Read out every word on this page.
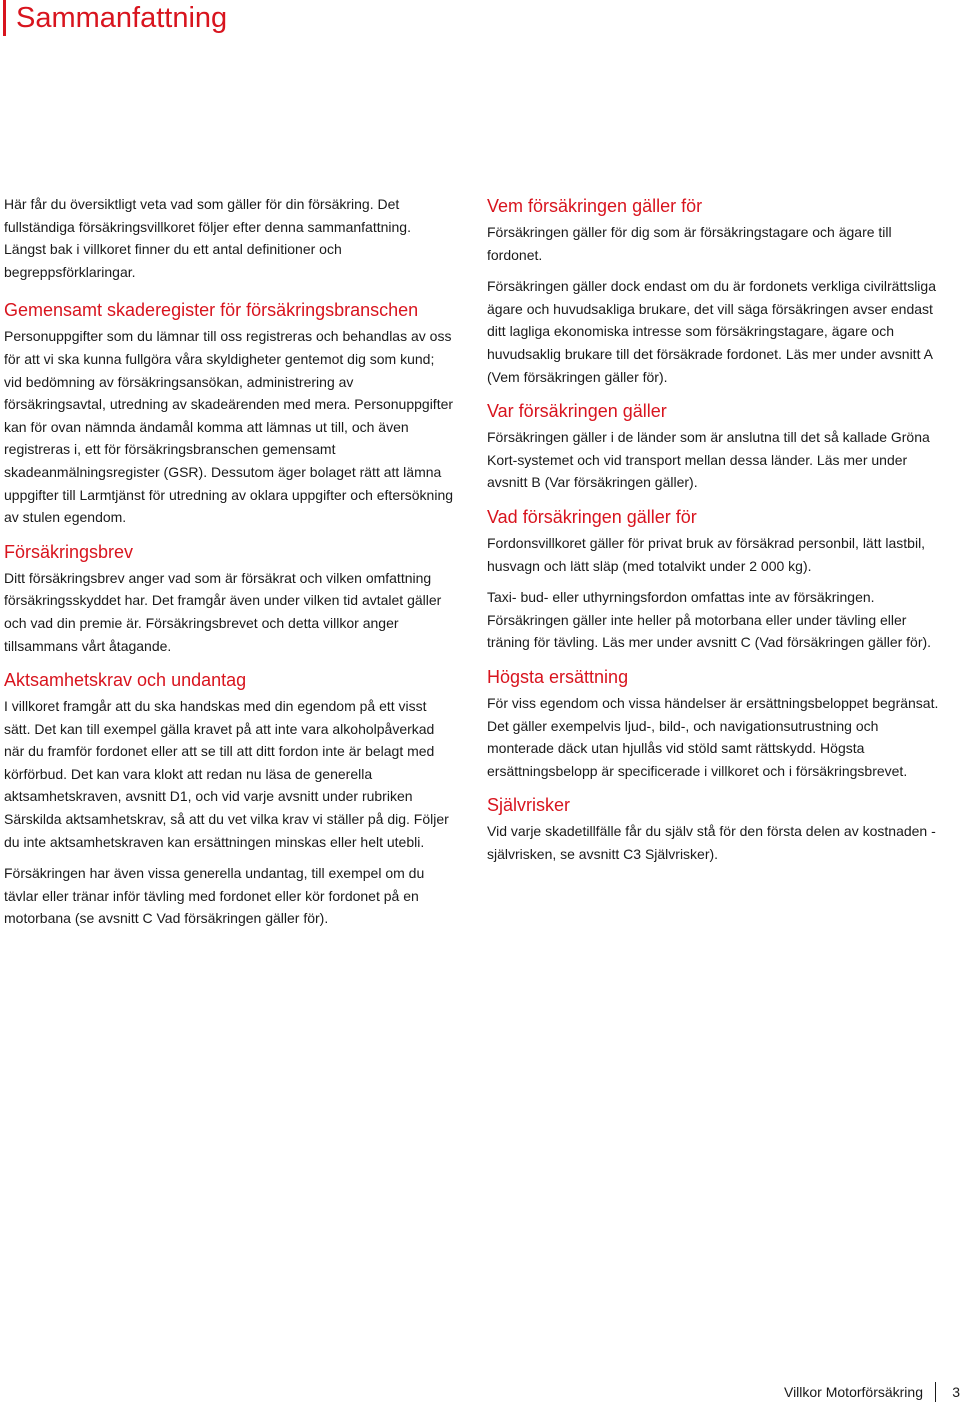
Sammanfattning

Här får du översiktligt veta vad som gäller för din försäkring. Det fullständiga försäkringsvillkoret följer efter denna sammanfattning. Längst bak i villkoret finner du ett antal definitioner och begreppsförklaringar.

Gemensamt skaderegister för försäkringsbranschen

Personuppgifter som du lämnar till oss registreras och behandlas av oss för att vi ska kunna fullgöra våra skyldigheter gentemot dig som kund; vid bedömning av försäkringsansökan, administrering av försäkringsavtal, utredning av skadeärenden med mera. Personuppgifter kan för ovan nämnda ändamål komma att lämnas ut till, och även registreras i, ett för försäkringsbranschen gemensamt skadeanmälningsregister (GSR). Dessutom äger bolaget rätt att lämna uppgifter till Larmtjänst för utredning av oklara uppgifter och eftersökning av stulen egendom.

Försäkringsbrev

Ditt försäkringsbrev anger vad som är försäkrat och vilken omfattning försäkringsskyddet har. Det framgår även under vilken tid avtalet gäller och vad din premie är. Försäkringsbrevet och detta villkor anger tillsammans vårt åtagande.

Aktsamhetskrav och undantag

I villkoret framgår att du ska handskas med din egendom på ett visst sätt. Det kan till exempel gälla kravet på att inte vara alkoholpåverkad när du framför fordonet eller att se till att ditt fordon inte är belagt med körförbud. Det kan vara klokt att redan nu läsa de generella aktsamhetskraven, avsnitt D1, och vid varje avsnitt under rubriken Särskilda aktsamhetskrav, så att du vet vilka krav vi ställer på dig. Följer du inte aktsamhetskraven kan ersättningen minskas eller helt utebli.

Försäkringen har även vissa generella undantag, till exempel om du tävlar eller tränar inför tävling med fordonet eller kör fordonet på en motorbana (se avsnitt C Vad försäkringen gäller för).

Vem försäkringen gäller för

Försäkringen gäller för dig som är försäkringstagare och ägare till fordonet.

Försäkringen gäller dock endast om du är fordonets verkliga civilrättsliga ägare och huvudsakliga brukare, det vill säga försäkringen avser endast ditt lagliga ekonomiska intresse som försäkringstagare, ägare och huvudsaklig brukare till det försäkrade fordonet. Läs mer under avsnitt A (Vem försäkringen gäller för).

Var försäkringen gäller

Försäkringen gäller i de länder som är anslutna till det så kallade Gröna Kort-systemet och vid transport mellan dessa länder. Läs mer under avsnitt B (Var försäkringen gäller).

Vad försäkringen gäller för

Fordonsvillkoret gäller för privat bruk av försäkrad personbil, lätt lastbil, husvagn och lätt släp (med totalvikt under 2 000 kg).

Taxi- bud- eller uthyrningsfordon omfattas inte av försäkringen. Försäkringen gäller inte heller på motorbana eller under tävling eller träning för tävling. Läs mer under avsnitt C (Vad försäkringen gäller för).

Högsta ersättning

För viss egendom och vissa händelser är ersättningsbeloppet begränsat. Det gäller exempelvis ljud-, bild-, och navigationsutrustning och monterade däck utan hjullås vid stöld samt rättskydd. Högsta ersättningsbelopp är specificerade i villkoret och i försäkringsbrevet.

Självrisker

Vid varje skadetillfälle får du själv stå för den första delen av kostnaden - självrisken, se avsnitt C3 Självrisker).

Villkor Motorförsäkring 3
